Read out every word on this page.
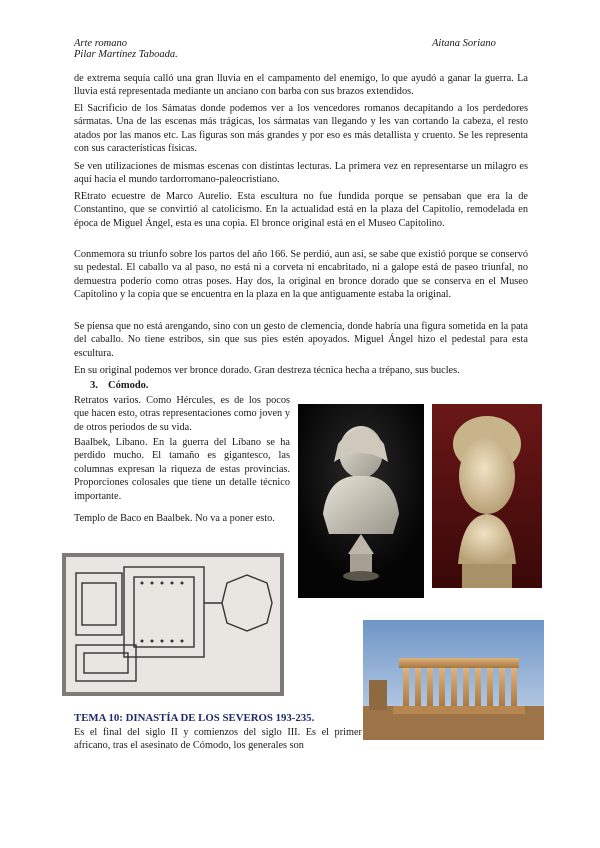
Arte romano
Pilar Martínez Taboada.
Aitana Soriano

de extrema sequía calló una gran lluvia en el campamento del enemigo, lo que ayudó a ganar la guerra. La lluvia está representada mediante un anciano con barba con sus brazos extendidos.

El Sacrificio de los Sámatas donde podemos ver a los vencedores romanos decapitando a los perdedores sármatas. Una de las escenas más trágicas, los sármatas van llegando y les van cortando la cabeza, el resto atados por las manos etc. Las figuras son más grandes y por eso es más detallista y cruento. Se les representa con sus características físicas.

Se ven utilizaciones de mismas escenas con distintas lecturas. La primera vez en representarse un milagro es aquí hacia el mundo tardorromano-paleocristiano.

REtrato ecuestre de Marco Aurelio. Esta escultura no fue fundida porque se pensaban que era la de Constantino, que se convirtió al catolicismo. En la actualidad está en la plaza del Capitolio, remodelada en época de Miguel Ángel, esta es una copia. El bronce original está en el Museo Capitolino.

Conmemora su triunfo sobre los partos del año 166. Se perdió, aun así, se sabe que existió porque se conservó su pedestal. El caballo va al paso, no está ni a corveta ni encabritado, ni a galope está de paseo triunfal, no demuestra poderío como otras poses. Hay dos, la original en bronce dorado que se conserva en el Museo Capitolino y la copia que se encuentra en la plaza en la que antiguamente estaba la original.

Se piensa que no está arengando, sino con un gesto de clemencia, donde habría una figura sometida en la pata del caballo. No tiene estribos, sin que sus pies estén apoyados. Miguel Ángel hizo el pedestal para esta escultura.

En su original podemos ver bronce dorado. Gran destreza técnica hecha a trépano, sus bucles.

3. Cómodo.

Retratos varios. Como Hércules, es de los pocos que hacen esto, otras representaciones como joven y de otros periodos de su vida.

Baalbek, Líbano. En la guerra del Líbano se ha perdido mucho. El tamaño es gigantesco, las columnas expresan la riqueza de estas provincias. Proporciones colosales que tiene un detalle técnico importante.

Templo de Baco en Baalbek. No va a poner esto.

TEMA 10: DINASTÍA DE LOS SEVEROS 193-235.

Es el final del siglo II y comienzos del siglo III. Es el primer africano, tras el asesinato de Cómodo, los generales son
